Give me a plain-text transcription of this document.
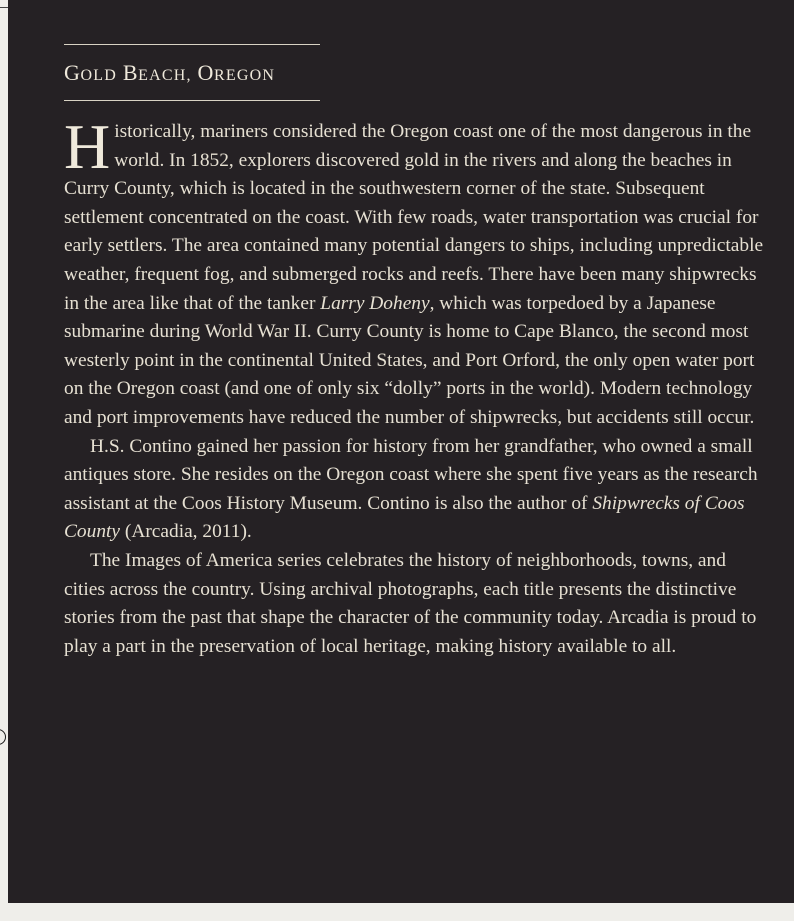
GOLD BEACH, OREGON

Historically, mariners considered the Oregon coast one of the most dangerous in the world. In 1852, explorers discovered gold in the rivers and along the beaches in Curry County, which is located in the southwestern corner of the state. Subsequent settlement concentrated on the coast. With few roads, water transportation was crucial for early settlers. The area contained many potential dangers to ships, including unpredictable weather, frequent fog, and submerged rocks and reefs. There have been many shipwrecks in the area like that of the tanker Larry Doheny, which was torpedoed by a Japanese submarine during World War II. Curry County is home to Cape Blanco, the second most westerly point in the continental United States, and Port Orford, the only open water port on the Oregon coast (and one of only six “dolly” ports in the world). Modern technology and port improvements have reduced the number of shipwrecks, but accidents still occur.

H.S. Contino gained her passion for history from her grandfather, who owned a small antiques store. She resides on the Oregon coast where she spent five years as the research assistant at the Coos History Museum. Contino is also the author of Shipwrecks of Coos County (Arcadia, 2011).

The Images of America series celebrates the history of neighborhoods, towns, and cities across the country. Using archival photographs, each title presents the distinctive stories from the past that shape the character of the community today. Arcadia is proud to play a part in the preservation of local heritage, making history available to all.
